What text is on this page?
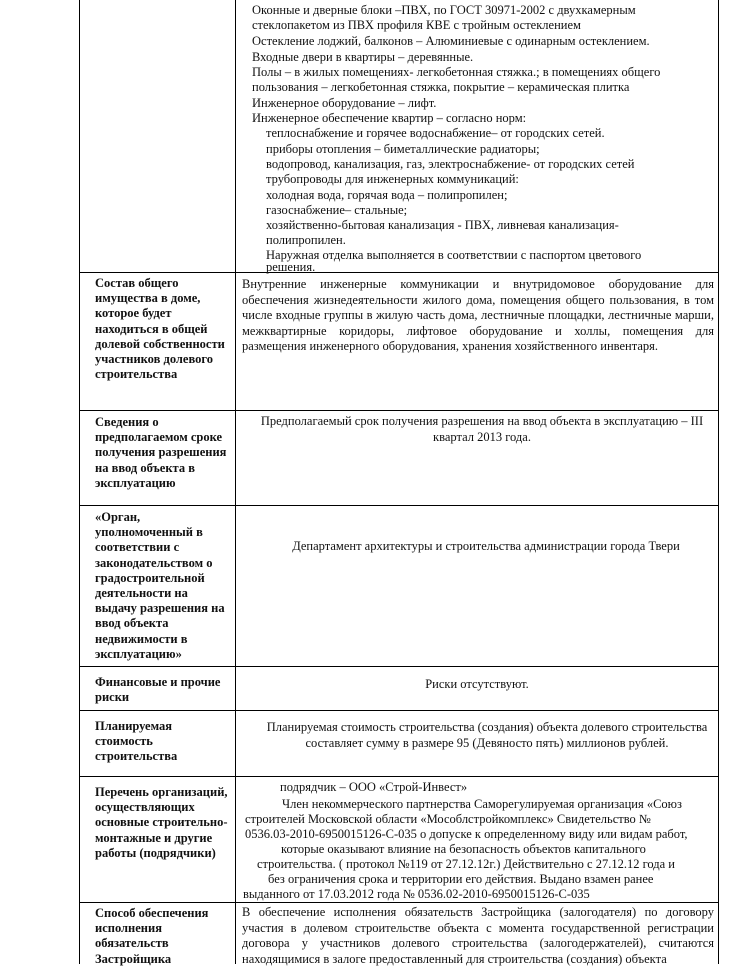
Оконные и дверные блоки –ПВХ, по ГОСТ 30971-2002 с двухкамерным
стеклопакетом из ПВХ профиля КВЕ с тройным остеклением
Остекление лоджий, балконов – Алюминиевые с одинарным остеклением.
Входные двери в квартиры – деревянные.
Полы – в жилых помещениях- легкобетонная стяжка.; в помещениях общего
пользования – легкобетонная стяжка, покрытие – керамическая плитка
Инженерное оборудование – лифт.
Инженерное обеспечение квартир – согласно норм:
теплоснабжение и горячее водоснабжение– от городских сетей.
приборы отопления – биметаллические радиаторы;
водопровод, канализация, газ, электроснабжение- от городских сетей
трубопроводы для инженерных коммуникаций:
холодная вода, горячая вода – полипропилен;
газоснабжение– стальные;
хозяйственно-бытовая канализация - ПВХ, ливневая канализация-
полипропилен.
Наружная отделка выполняется в соответствии с паспортом цветового
решения.
Состав общего имущества в доме, которое будет находиться в общей долевой собственности участников долевого строительства
Внутренние инженерные коммуникации и внутридомовое оборудование для обеспечения жизнедеятельности жилого дома, помещения общего пользования, в том числе входные группы в жилую часть дома, лестничные площадки, лестничные марши, межквартирные коридоры, лифтовое оборудование и холлы, помещения для размещения инженерного оборудования, хранения хозяйственного инвентаря.
Сведения о предполагаемом сроке получения разрешения на ввод объекта в эксплуатацию
Предполагаемый срок получения разрешения на ввод объекта в эксплуатацию – III квартал 2013 года.
«Орган, уполномоченный в соответствии с законодательством о градостроительной деятельности на выдачу разрешения на ввод объекта недвижимости в эксплуатацию»
Департамент архитектуры и строительства администрации города Твери
Финансовые и прочие риски
Риски отсутствуют.
Планируемая стоимость строительства
Планируемая стоимость строительства (создания) объекта долевого строительства составляет сумму в размере 95 (Девяносто пять) миллионов рублей.
Перечень организаций, осуществляющих основные строительно-монтажные и другие работы (подрядчики)
подрядчик – ООО «Строй-Инвест»
Член некоммерческого партнерства Саморегулируемая организация «Союз
строителей Московской области «Мособлстройкомплекс» Свидетельство №
0536.03-2010-6950015126-С-035 о допуске к определенному виду или видам работ,
которые оказывают влияние на безопасность объектов капитального
строительства. ( протокол №119 от 27.12.12г.) Действительно с 27.12.12 года и
без ограничения срока и территории его действия. Выдано взамен ранее
выданного от 17.03.2012 года № 0536.02-2010-6950015126-С-035
Способ обеспечения исполнения обязательств Застройщика
В обеспечение исполнения обязательств Застройщика (залогодателя) по договору участия в долевом строительстве объекта с момента государственной регистрации договора у участников долевого строительства (залогодержателей), считаются находящимися в залоге предоставленный для строительства (создания) объекта
